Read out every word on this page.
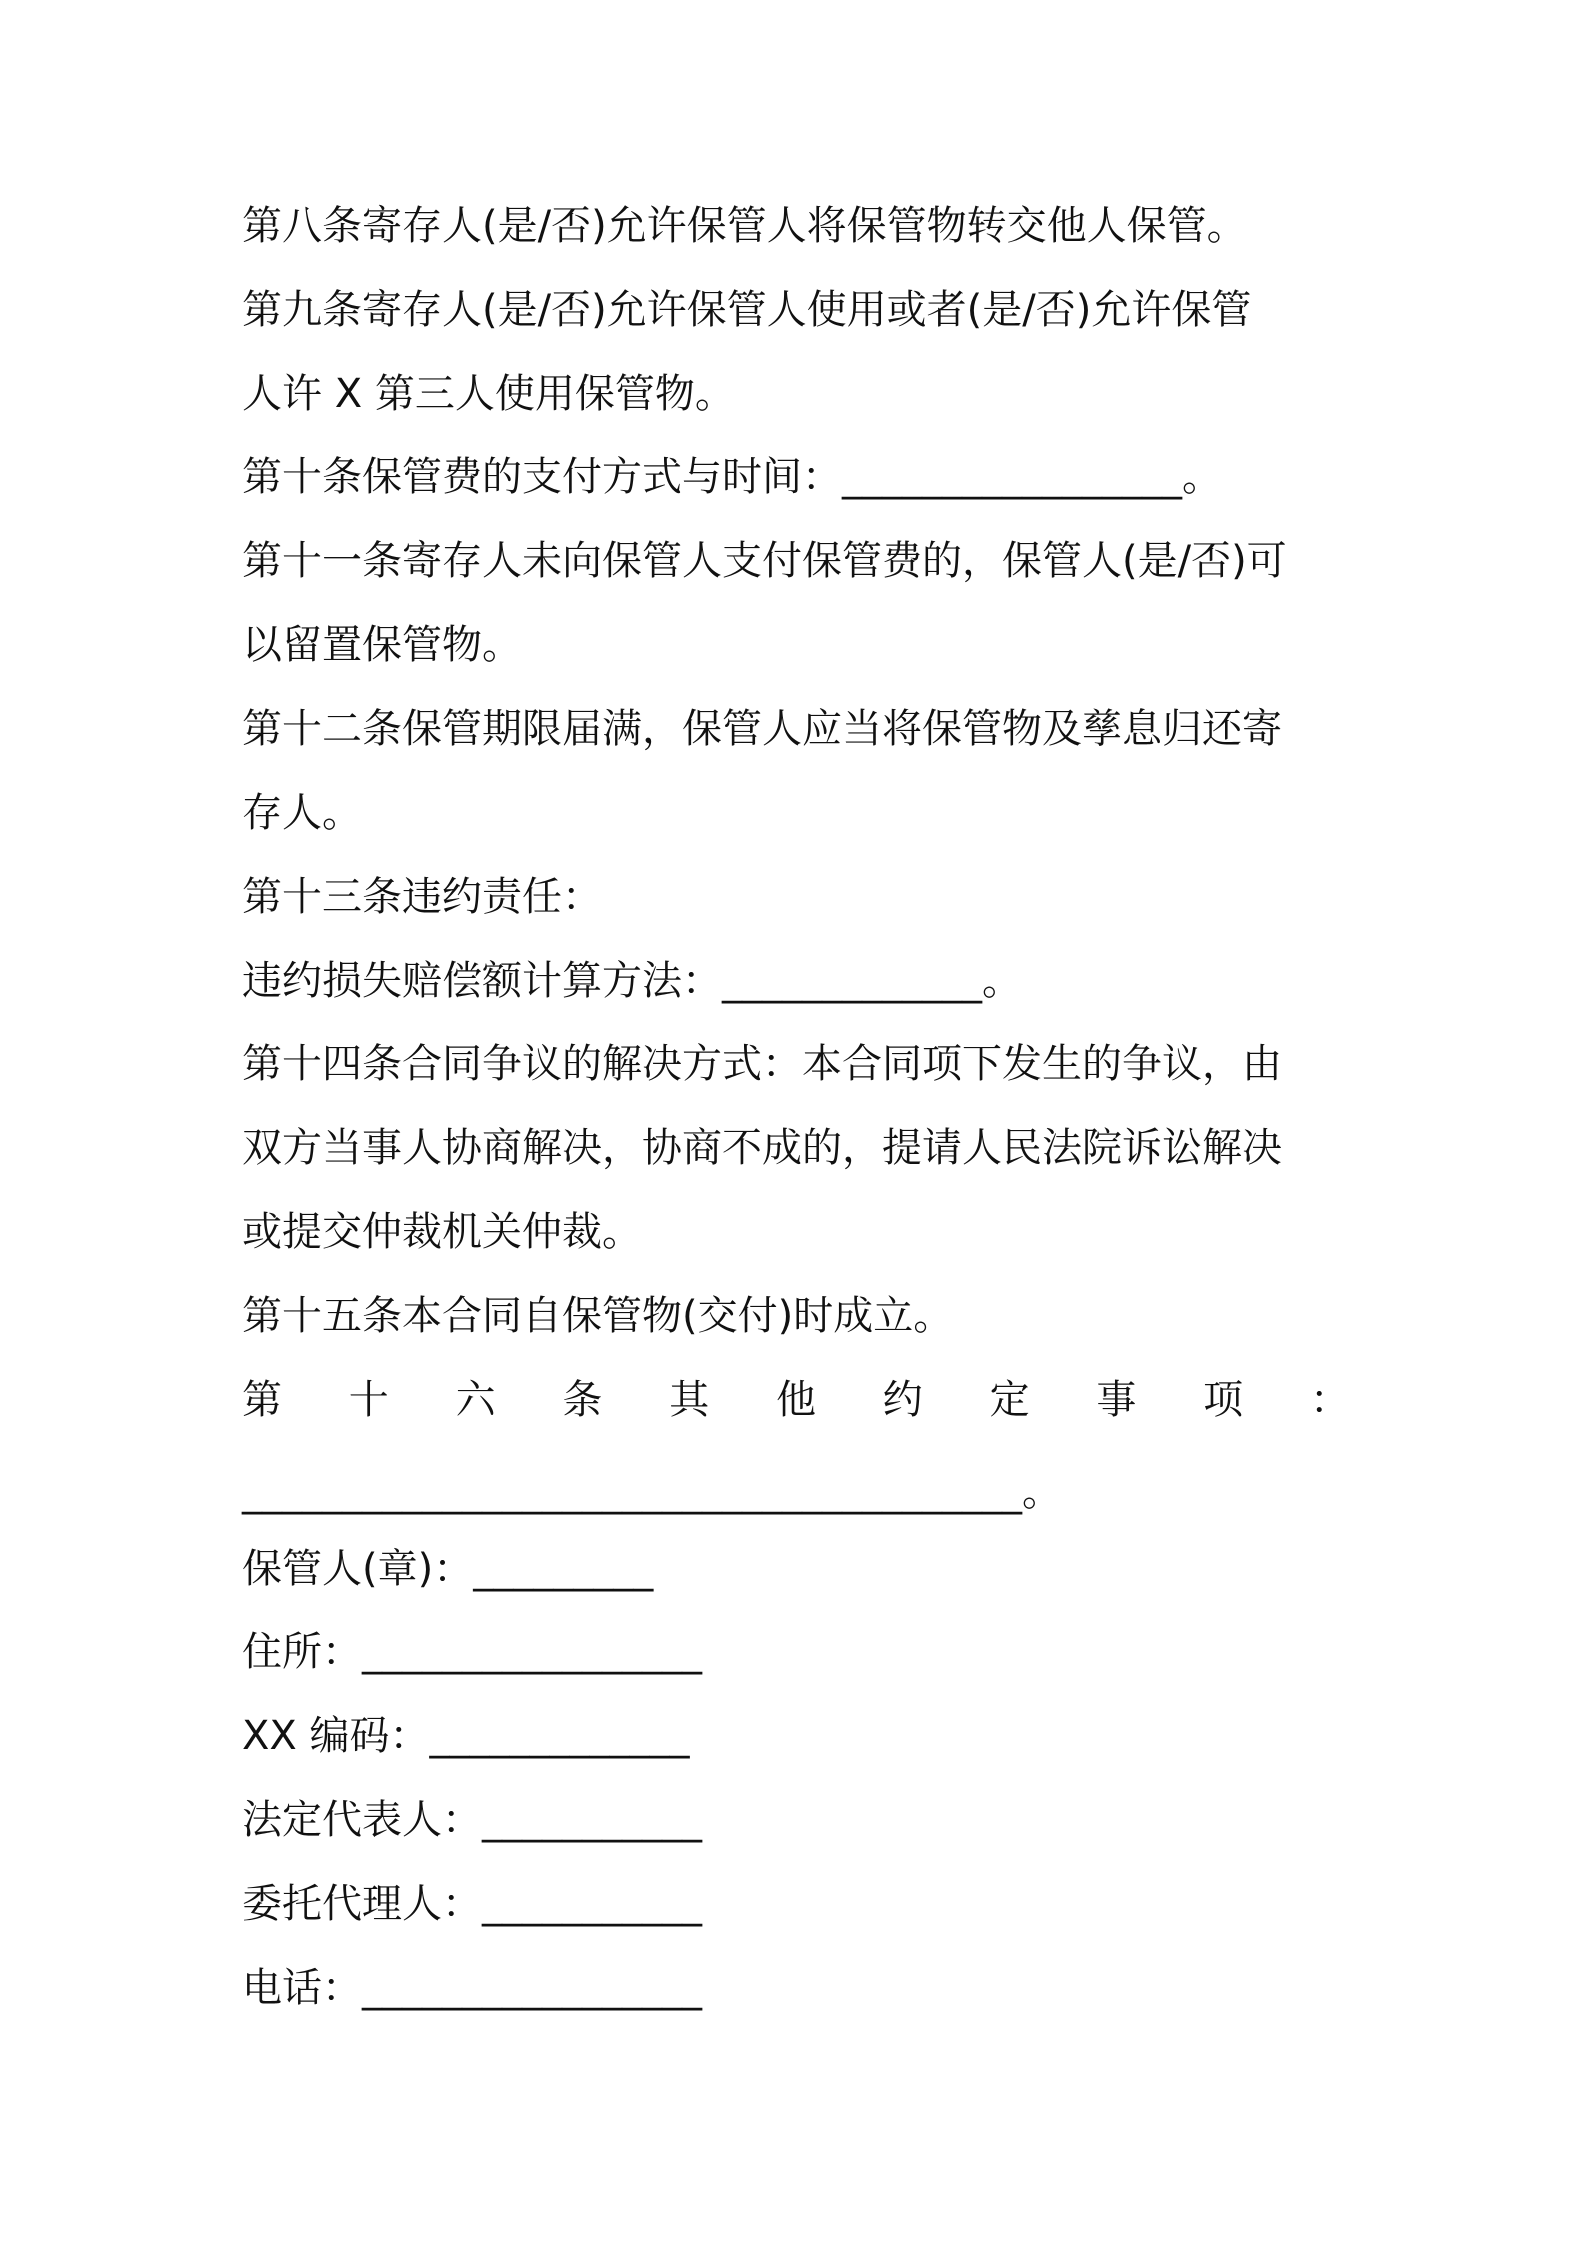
第八条寄存人(是/否)允许保管人将保管物转交他人保管。
第九条寄存人(是/否)允许保管人使用或者(是/否)允许保管
人许 X 第三人使用保管物。
第十条保管费的支付方式与时间：_________________。
第十一条寄存人未向保管人支付保管费的，保管人(是/否)可
以留置保管物。
第十二条保管期限届满，保管人应当将保管物及孳息归还寄
存人。
第十三条违约责任：
违约损失赔偿额计算方法：_____________。
第十四条合同争议的解决方式：本合同项下发生的争议，由
双方当事人协商解决，协商不成的，提请人民法院诉讼解决
或提交仲裁机关仲裁。
第十五条本合同自保管物(交付)时成立。
第 十 六 条 其 他 约 定 事 项 ：
_______________________________________。
保管人(章)：_________
住所：_________________
XX 编码：_____________
法定代表人：___________
委托代理人：___________
电话：_________________
